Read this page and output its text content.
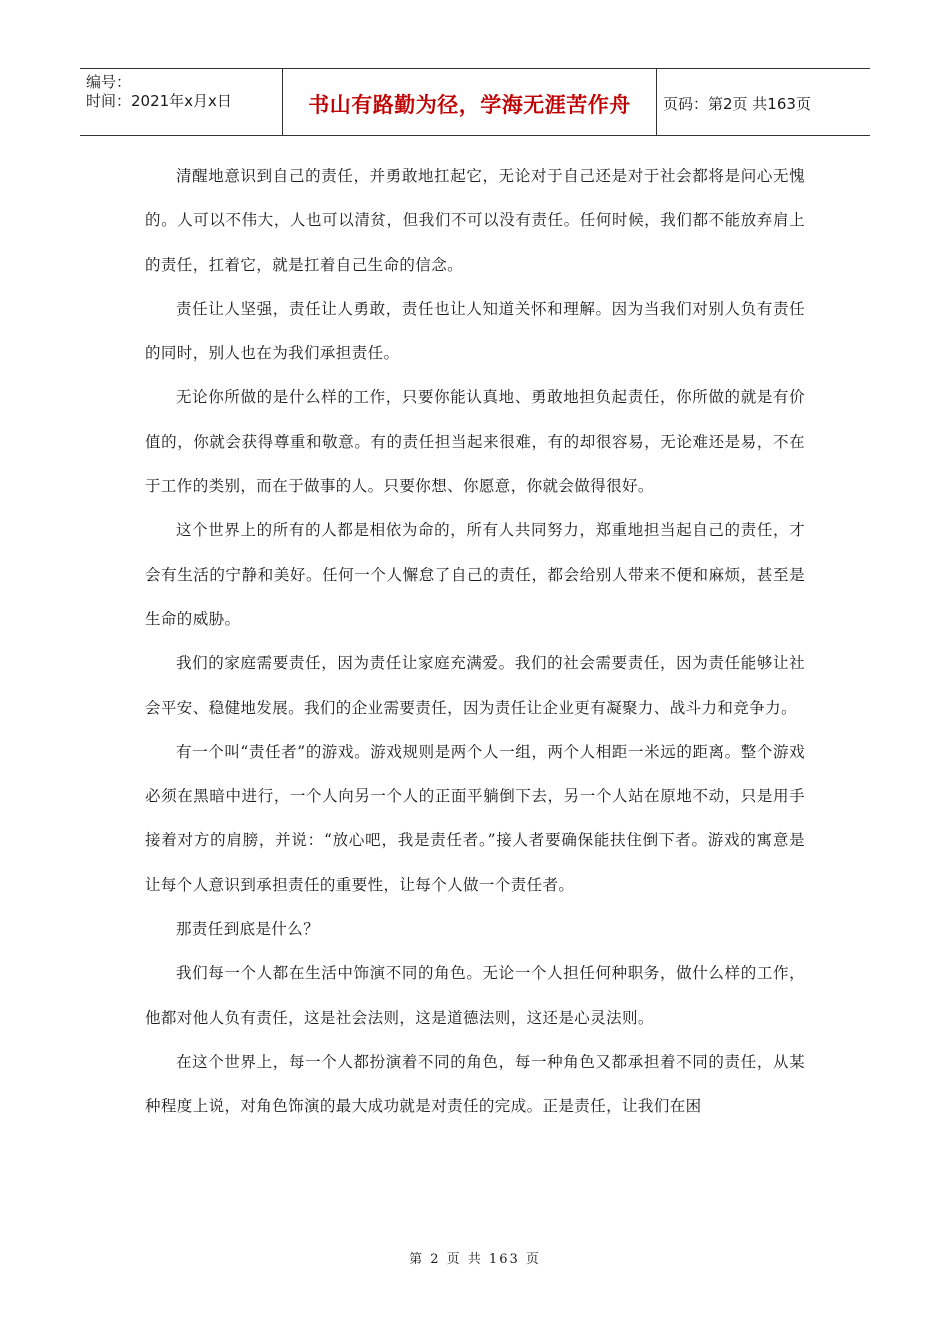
编号：
时间：2021年x月x日	书山有路勤为径，学海无涯苦作舟	页码：第2页 共163页

清醒地意识到自己的责任，并勇敢地扛起它，无论对于自己还是对于社会都将是问心无愧的。人可以不伟大，人也可以清贫，但我们不可以没有责任。任何时候，我们都不能放弃肩上的责任，扛着它，就是扛着自己生命的信念。

责任让人坚强，责任让人勇敢，责任也让人知道关怀和理解。因为当我们对别人负有责任的同时，别人也在为我们承担责任。

无论你所做的是什么样的工作，只要你能认真地、勇敢地担负起责任，你所做的就是有价值的，你就会获得尊重和敬意。有的责任担当起来很难，有的却很容易，无论难还是易，不在于工作的类别，而在于做事的人。只要你想、你愿意，你就会做得很好。

这个世界上的所有的人都是相依为命的，所有人共同努力，郑重地担当起自己的责任，才会有生活的宁静和美好。任何一个人懈怠了自己的责任，都会给别人带来不便和麻烦，甚至是生命的威胁。

我们的家庭需要责任，因为责任让家庭充满爱。我们的社会需要责任，因为责任能够让社会平安、稳健地发展。我们的企业需要责任，因为责任让企业更有凝聚力、战斗力和竞争力。

有一个叫“责任者”的游戏。游戏规则是两个人一组，两个人相距一米远的距离。整个游戏必须在黑暗中进行，一个人向另一个人的正面平躺倒下去，另一个人站在原地不动，只是用手接着对方的肩膀，并说：“放心吧，我是责任者。”接人者要确保能扶住倒下者。游戏的寓意是让每个人意识到承担责任的重要性，让每个人做一个责任者。

那责任到底是什么？

我们每一个人都在生活中饰演不同的角色。无论一个人担任何种职务，做什么样的工作，他都对他人负有责任，这是社会法则，这是道德法则，这还是心灵法则。

在这个世界上，每一个人都扮演着不同的角色，每一种角色又都承担着不同的责任，从某种程度上说，对角色饰演的最大成功就是对责任的完成。正是责任，让我们在困

第 2 页 共 163 页
